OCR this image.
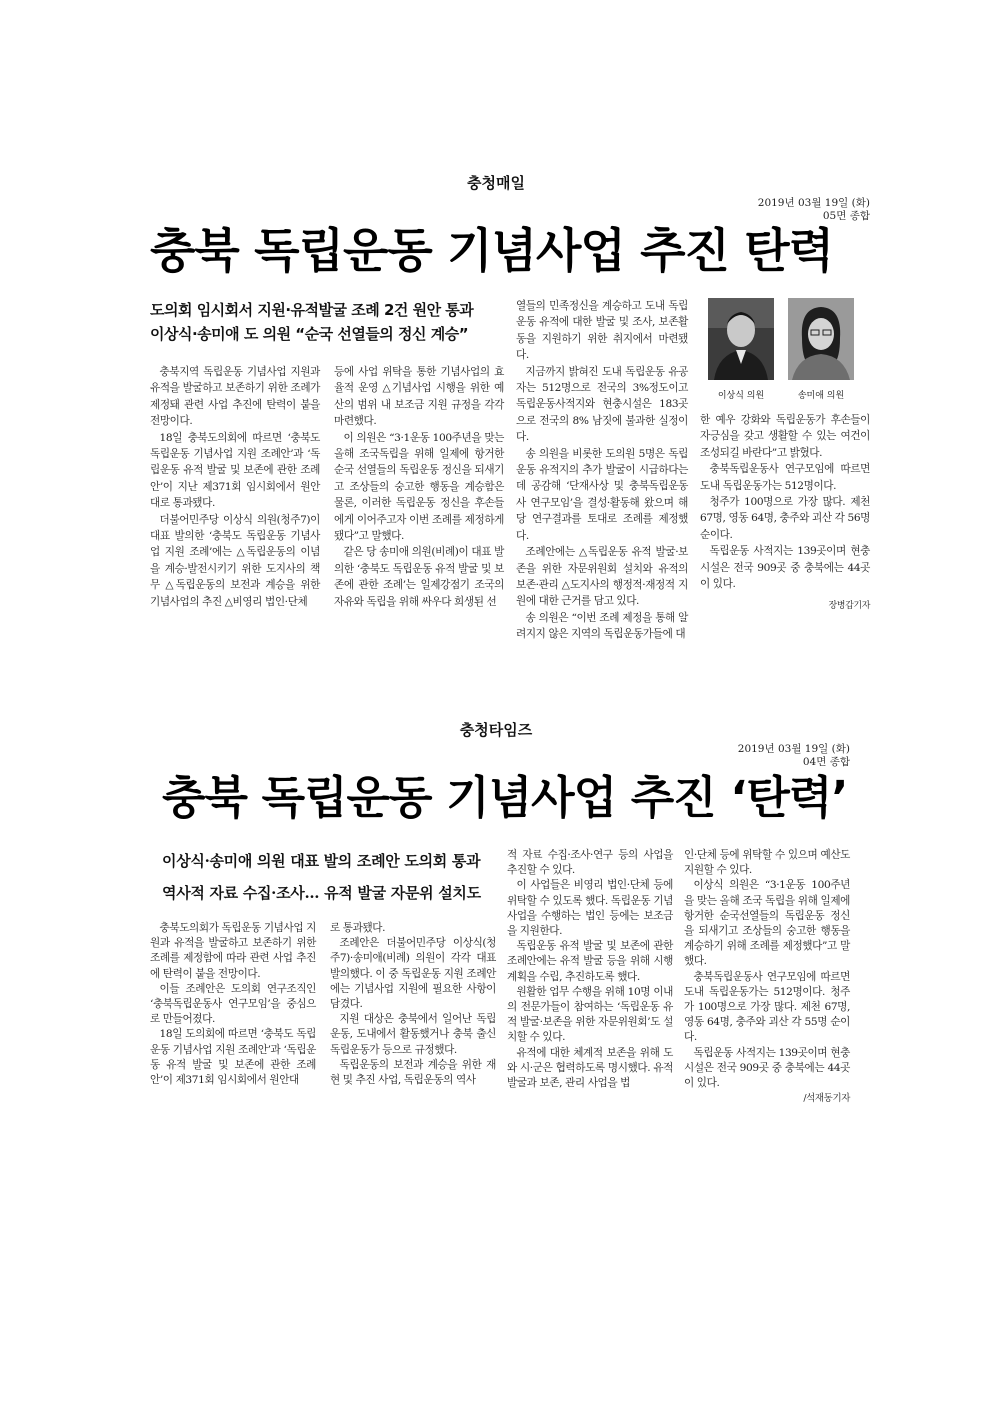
충청매일
2019년 03월 19일 (화)
05면 종합
충북 독립운동 기념사업 추진 탄력
도의회 임시회서 지원·유적발굴 조례 2건 원안 통과
이상식·송미애 도 의원 “순국 선열들의 정신 계승”

충북지역 독립운동 기념사업 지원과 유적을 발굴하고 보존하기 위한 조례가 제정돼 관련 사업 추진에 탄력이 붙을 전망이다.

18일 충북도의회에 따르면 ‘충북도 독립운동 기념사업 지원 조례안’과 ‘독립운동 유적 발굴 및 보존에 관한 조례안’이 지난 제371회 임시회에서 원안대로 통과됐다.

더불어민주당 이상식 의원(청주7)이 대표 발의한 ‘충북도 독립운동 기념사업 지원 조례’에는 △독립운동의 이념을 계승·발전시키기 위한 도지사의 책무 △독립운동의 보전과 계승을 위한 기념사업의 추진 △비영리 법인·단체

등에 사업 위탁을 통한 기념사업의 효율적 운영 △기념사업 시행을 위한 예산의 범위 내 보조금 지원 규정을 각각 마련했다.

이 의원은 “3·1운동 100주년을 맞는 올해 조국독립을 위해 일제에 항거한 순국 선열들의 독립운동 정신을 되새기고 조상들의 숭고한 행동을 계승함은 물론, 이러한 독립운동 정신을 후손들에게 이어주고자 이번 조례를 제정하게 됐다”고 말했다.

같은 당 송미애 의원(비례)이 대표 발의한 ‘충북도 독립운동 유적 발굴 및 보존에 관한 조례’는 일제강점기 조국의 자유와 독립을 위해 싸우다 희생된 선

열들의 민족정신을 계승하고 도내 독립운동 유적에 대한 발굴 및 조사, 보존활동을 지원하기 위한 취지에서 마련됐다.

지금까지 밝혀진 도내 독립운동 유공자는 512명으로 전국의 3%정도이고 독립운동사적지와 현충시설은 183곳으로 전국의 8% 남짓에 불과한 실정이다.

송 의원을 비롯한 도의원 5명은 독립운동 유적지의 추가 발굴이 시급하다는 데 공감해 ‘단재사상 및 충북독립운동사 연구모임’을 결성·활동해 왔으며 해당 연구결과를 토대로 조례를 제정했다.

조례안에는 △독립운동 유적 발굴·보존을 위한 자문위원회 설치와 유적의 보존·관리 △도지사의 행정적·재정적 지원에 대한 근거를 담고 있다.

송 의원은 “이번 조례 제정을 통해 알려지지 않은 지역의 독립운동가들에 대

이상식 의원	송미애 의원

한 예우 강화와 독립운동가 후손들이 자긍심을 갖고 생활할 수 있는 여건이 조성되길 바란다”고 밝혔다.

충북독립운동사 연구모임에 따르면 도내 독립운동가는 512명이다.

청주가 100명으로 가장 많다. 제천 67명, 영동 64명, 충주와 괴산 각 56명 순이다.

독립운동 사적지는 139곳이며 현충시설은 전국 909곳 중 충북에는 44곳이 있다.

장병갑기자
충청타임즈
2019년 03월 19일 (화)
04면 종합
충북 독립운동 기념사업 추진 ‘탄력’
이상식·송미애 의원 대표 발의 조례안 도의회 통과
역사적 자료 수집·조사… 유적 발굴 자문위 설치도

충북도의회가 독립운동 기념사업 지원과 유적을 발굴하고 보존하기 위한 조례를 제정함에 따라 관련 사업 추진에 탄력이 붙을 전망이다.

이들 조례안은 도의회 연구조직인 ‘충북독립운동사 연구모임’을 중심으로 만들어졌다.

18일 도의회에 따르면 ‘충북도 독립운동 기념사업 지원 조례안’과 ‘독립운동 유적 발굴 및 보존에 관한 조례안’이 제371회 임시회에서 원안대

로 통과됐다.

조례안은 더불어민주당 이상식(청주7)·송미애(비례) 의원이 각각 대표 발의했다. 이 중 독립운동 지원 조례안에는 기념사업 지원에 필요한 사항이 담겼다.

지원 대상은 충북에서 일어난 독립운동, 도내에서 활동했거나 충북 출신 독립운동가 등으로 규정했다.

독립운동의 보전과 계승을 위한 재현 및 추진 사업, 독립운동의 역사

적 자료 수집·조사·연구 등의 사업을 추진할 수 있다.

이 사업들은 비영리 법인·단체 등에 위탁할 수 있도록 했다. 독립운동 기념사업을 수행하는 법인 등에는 보조금을 지원한다.

독립운동 유적 발굴 및 보존에 관한 조례안에는 유적 발굴 등을 위해 시행계획을 수립, 추진하도록 했다.

원활한 업무 수행을 위해 10명 이내의 전문가들이 참여하는 ‘독립운동 유적 발굴·보존을 위한 자문위원회’도 설치할 수 있다.

유적에 대한 체계적 보존을 위해 도와 시·군은 협력하도록 명시했다. 유적 발굴과 보존, 관리 사업을 법

인·단체 등에 위탁할 수 있으며 예산도 지원할 수 있다.

이상식 의원은 “3·1운동 100주년을 맞는 올해 조국 독립을 위해 일제에 항거한 순국선열들의 독립운동 정신을 되새기고 조상들의 숭고한 행동을 계승하기 위해 조례를 제정했다”고 말했다.

충북독립운동사 연구모임에 따르면 도내 독립운동가는 512명이다. 청주가 100명으로 가장 많다. 제천 67명, 영동 64명, 충주와 괴산 각 55명 순이다.

독립운동 사적지는 139곳이며 현충 시설은 전국 909곳 중 충북에는 44곳이 있다.

/석재동기자
